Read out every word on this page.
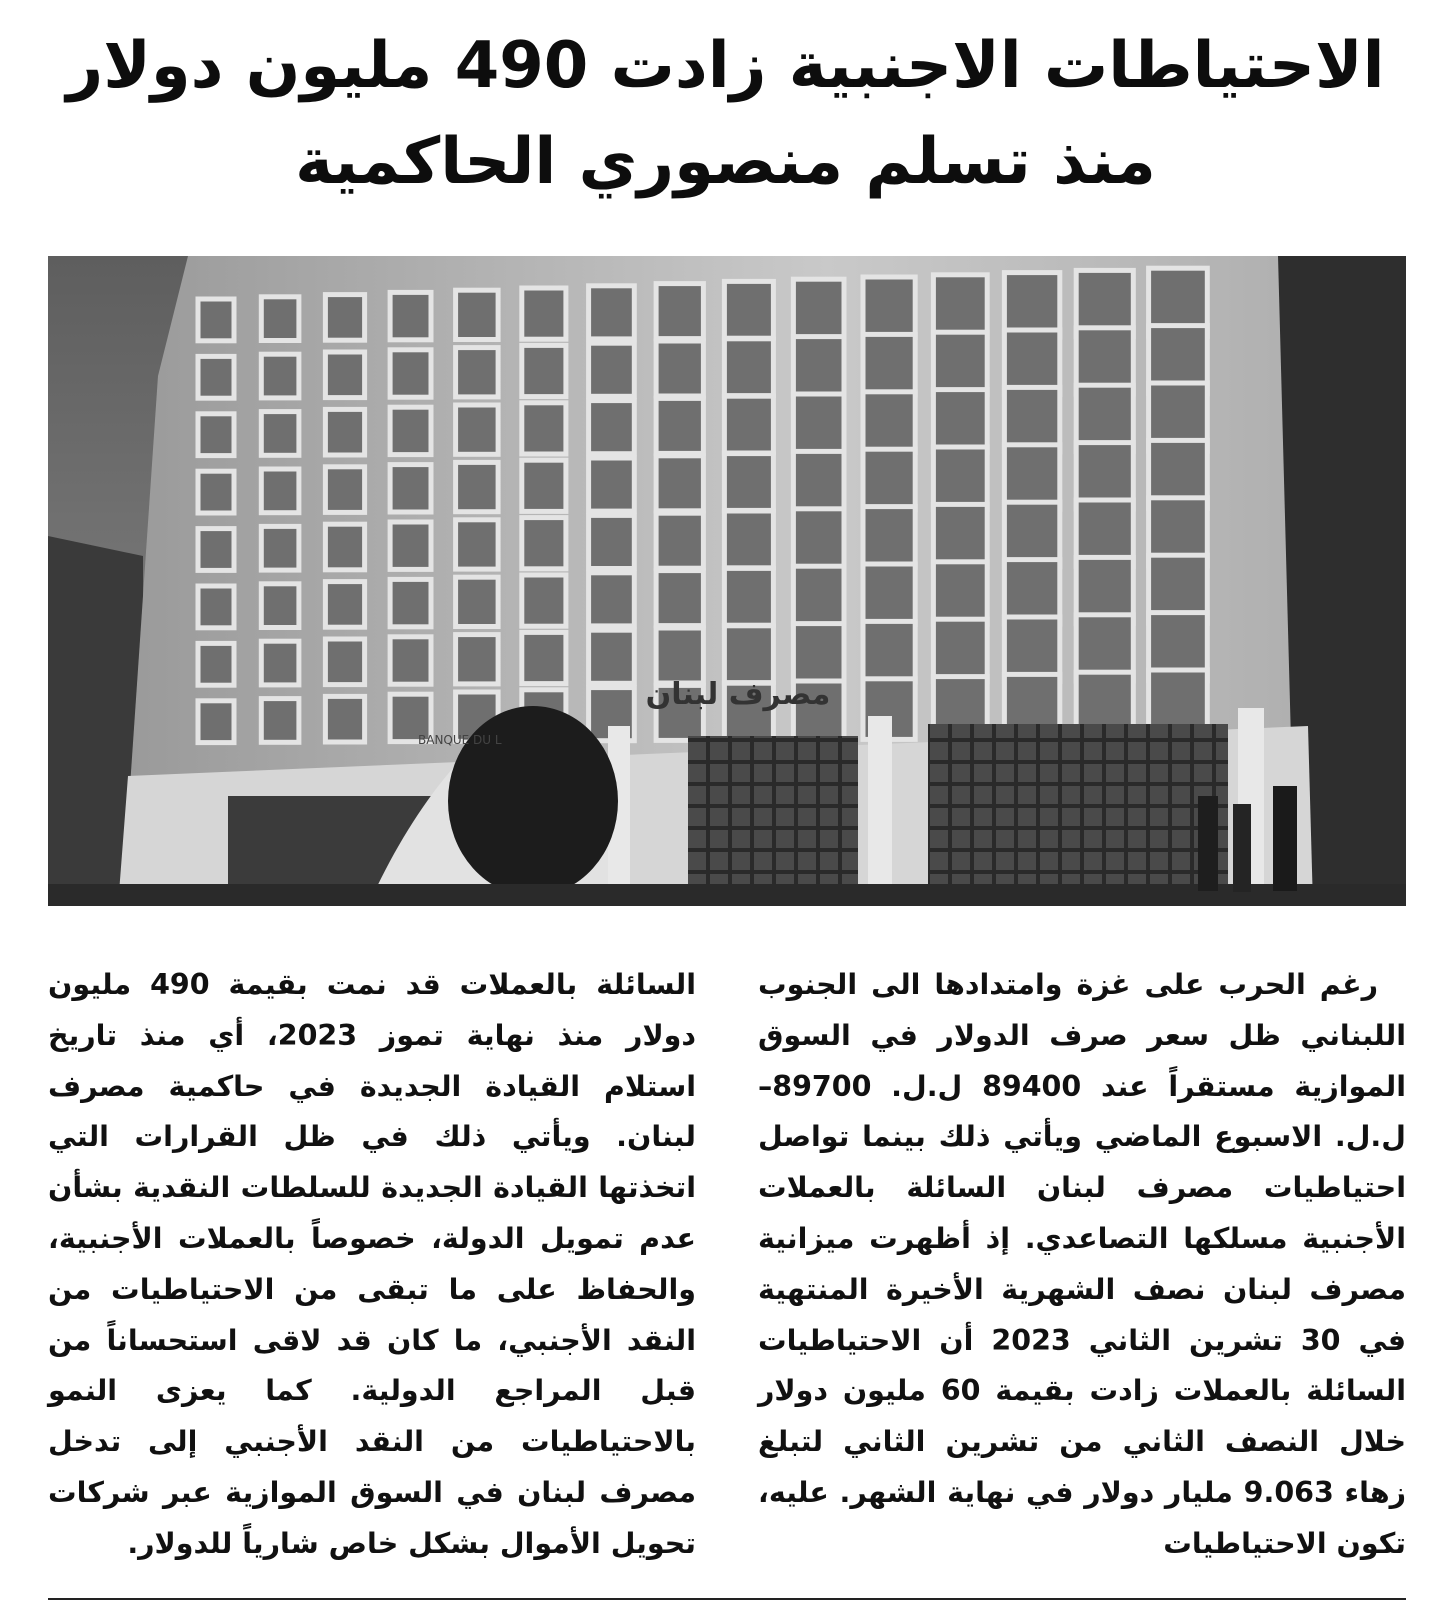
الاحتياطات الاجنبية زادت 490 مليون دولار
منذ تسلم منصوري الحاكمية
مصرف لبنان
BANQUE DU L

رغم الحرب على غزة وامتدادها الى الجنوب اللبناني ظل سعر صرف الدولار في السوق الموازية مستقراً عند 89400 ل.ل. 89700– ل.ل. الاسبوع الماضي ويأتي ذلك بينما تواصل احتياطيات مصرف لبنان السائلة بالعملات الأجنبية مسلكها التصاعدي. إذ أظهرت ميزانية مصرف لبنان نصف الشهرية الأخيرة المنتهية في 30 تشرين الثاني 2023 أن الاحتياطيات السائلة بالعملات زادت بقيمة 60 مليون دولار خلال النصف الثاني من تشرين الثاني لتبلغ زهاء 9.063 مليار دولار في نهاية الشهر. عليه، تكون الاحتياطيات

السائلة بالعملات قد نمت بقيمة 490 مليون دولار منذ نهاية تموز 2023، أي منذ تاريخ استلام القيادة الجديدة في حاكمية مصرف لبنان. ويأتي ذلك في ظل القرارات التي اتخذتها القيادة الجديدة للسلطات النقدية بشأن عدم تمويل الدولة، خصوصاً بالعملات الأجنبية، والحفاظ على ما تبقى من الاحتياطيات من النقد الأجنبي، ما كان قد لاقى استحساناً من قبل المراجع الدولية. كما يعزى النمو بالاحتياطيات من النقد الأجنبي إلى تدخل مصرف لبنان في السوق الموازية عبر شركات تحويل الأموال بشكل خاص شارياً للدولار.
